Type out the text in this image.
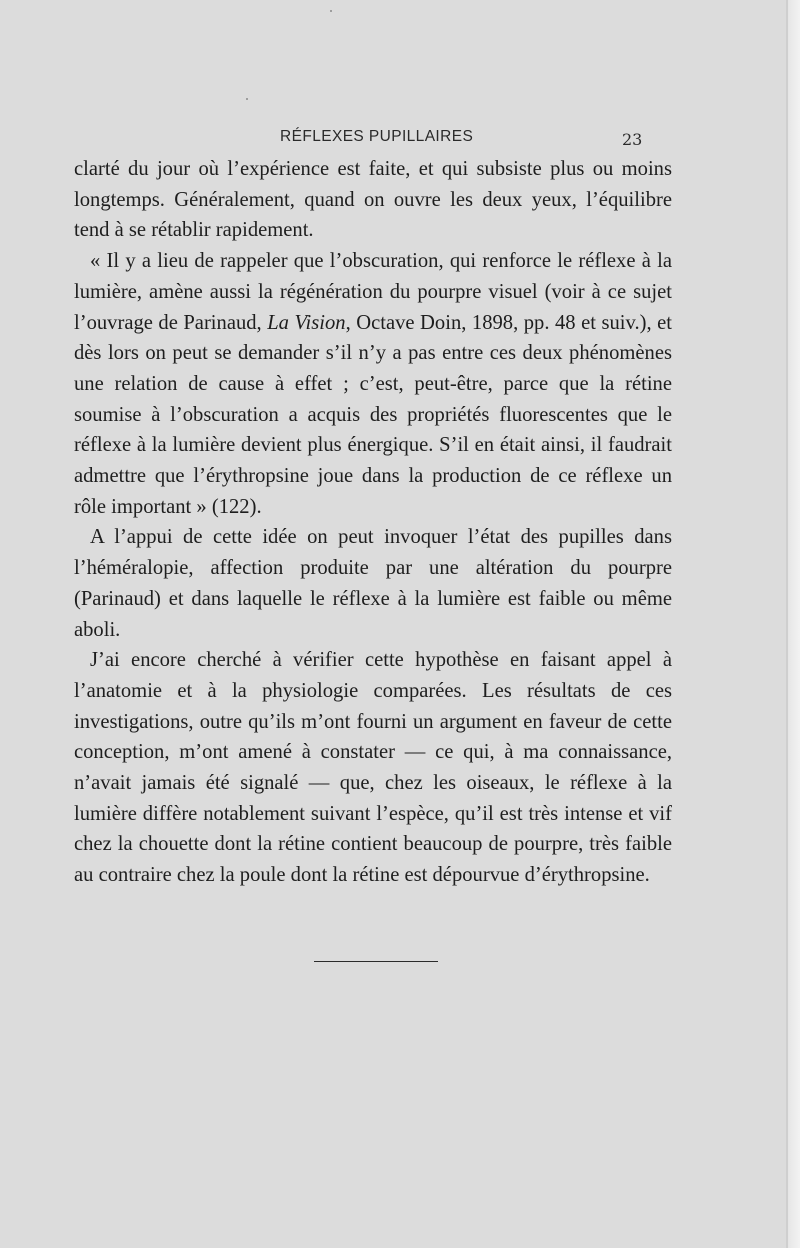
RÉFLEXES PUPILLAIRES	23

clarté du jour où l’expérience est faite, et qui subsiste plus ou moins longtemps. Généralement, quand on ouvre les deux yeux, l’équilibre tend à se rétablir rapidement.

« Il y a lieu de rappeler que l’obscuration, qui renforce le réflexe à la lumière, amène aussi la régénération du pourpre visuel (voir à ce sujet l’ouvrage de Parinaud, La Vision, Octave Doin, 1898, pp. 48 et suiv.), et dès lors on peut se demander s’il n’y a pas entre ces deux phénomènes une relation de cause à effet ; c’est, peut-être, parce que la rétine soumise à l’obscuration a acquis des propriétés fluorescentes que le réflexe à la lumière devient plus énergique. S’il en était ainsi, il faudrait admettre que l’érythropsine joue dans la production de ce réflexe un rôle important » (122).

A l’appui de cette idée on peut invoquer l’état des pupilles dans l’héméralopie, affection produite par une altération du pourpre (Parinaud) et dans laquelle le réflexe à la lumière est faible ou même aboli.

J’ai encore cherché à vérifier cette hypothèse en faisant appel à l’anatomie et à la physiologie comparées. Les résultats de ces investigations, outre qu’ils m’ont fourni un argument en faveur de cette conception, m’ont amené à constater — ce qui, à ma connaissance, n’avait jamais été signalé — que, chez les oiseaux, le réflexe à la lumière diffère notablement suivant l’espèce, qu’il est très intense et vif chez la chouette dont la rétine contient beaucoup de pourpre, très faible au contraire chez la poule dont la rétine est dépourvue d’érythropsine.
